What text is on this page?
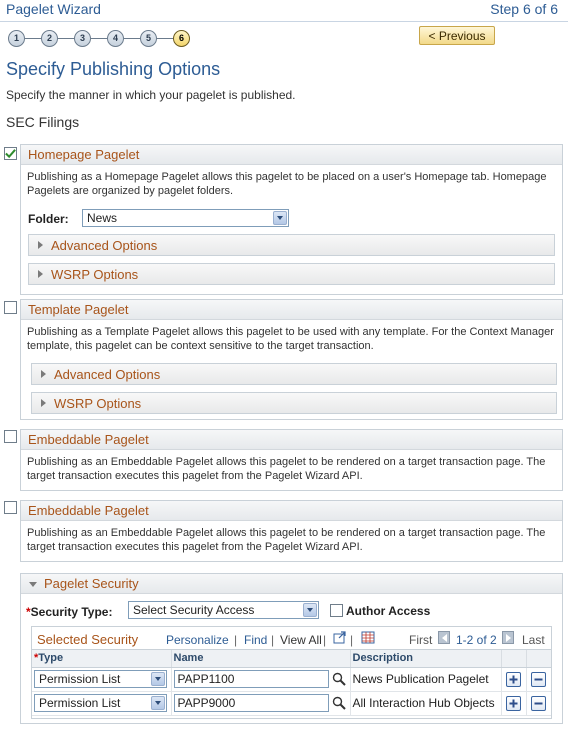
Pagelet Wizard	Step 6 of 6
1	2	3	4	5	6	< Previous
Specify Publishing Options
Specify the manner in which your pagelet is published.
SEC Filings
Homepage Pagelet
Publishing as a Homepage Pagelet allows this pagelet to be placed on a user's Homepage tab. Homepage
Pagelets are organized by pagelet folders.
Folder: News
Advanced Options
WSRP Options
Template Pagelet
Publishing as a Template Pagelet allows this pagelet to be used with any template. For the Context Manager
template, this pagelet can be context sensitive to the target transaction.
Advanced Options
WSRP Options
Embeddable Pagelet
Publishing as an Embeddable Pagelet allows this pagelet to be rendered on a target transaction page. The
target transaction executes this pagelet from the Pagelet Wizard API.
Embeddable Pagelet
Publishing as an Embeddable Pagelet allows this pagelet to be rendered on a target transaction page. The
target transaction executes this pagelet from the Pagelet Wizard API.
Pagelet Security
*Security Type: Select Security Access	Author Access
Selected Security Personalize | Find | View All | |	First 1-2 of 2 Last
*Type	Name	Description		

Permission List	PAPP1100	News Publication Pagelet	

Permission List	PAPP9000	All Interaction Hub Objects	
